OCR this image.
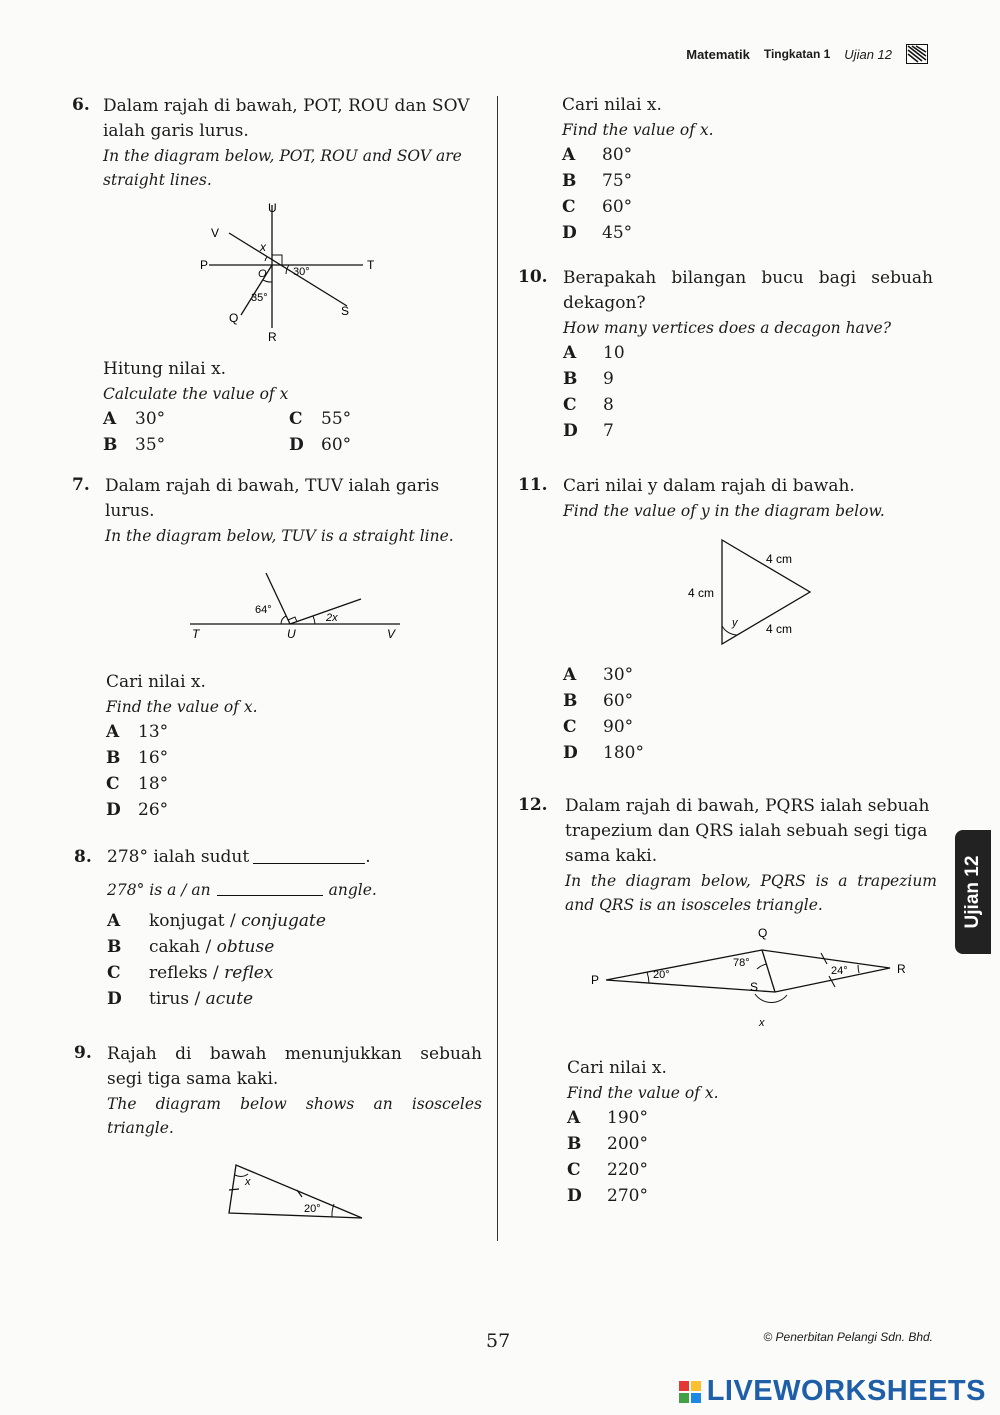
Matematik Tingkatan 1 Ujian 12
6. Dalam rajah di bawah, POT, ROU dan SOV
ialah garis lurus.
In the diagram below, POT, ROU and SOV are
straight lines.
U
V
x
P
O
T
30°
35°
Q	S
R
Hitung nilai x.
Calculate the value of x
A	30°	C	55°
B	35°	D	60°
7. Dalam rajah di bawah, TUV ialah garis
lurus.
In the diagram below, TUV is a straight line.
64°
2x
T	U	V
Cari nilai x.
Find the value of x.
A	13°
B	16°
C	18°
D	26°
8. 278° ialah sudut	.
278° is a / an	angle.
A	konjugat / conjugate
B	cakah / obtuse
C	refleks / reflex
D	tirus / acute
9. Rajah di bawah menunjukkan sebuah
segi tiga sama kaki.
The diagram below shows an isosceles
triangle.
x
20°
Cari nilai x.
Find the value of x.
A	80°
B	75°
C	60°
D	45°
10. Berapakah bilangan bucu bagi sebuah
dekagon?
How many vertices does a decagon have?
A	10
B	9
C	8
D	7
11. Cari nilai y dalam rajah di bawah.
Find the value of y in the diagram below.
4 cm
4 cm
4 cm
y
A	30°
B	60°
C	90°
D	180°
12. Dalam rajah di bawah, PQRS ialah sebuah
trapezium dan QRS ialah sebuah segi tiga
sama kaki.
In the diagram below, PQRS is a trapezium
and QRS is an isosceles triangle.
Q
P	20°
78°
24°	R
S
x
Cari nilai x.
Find the value of x.
A	190°
B	200°
C	220°
D	270°
Ujian 12
57	© Penerbitan Pelangi Sdn. Bhd.
LIVEWORKSHEETS
